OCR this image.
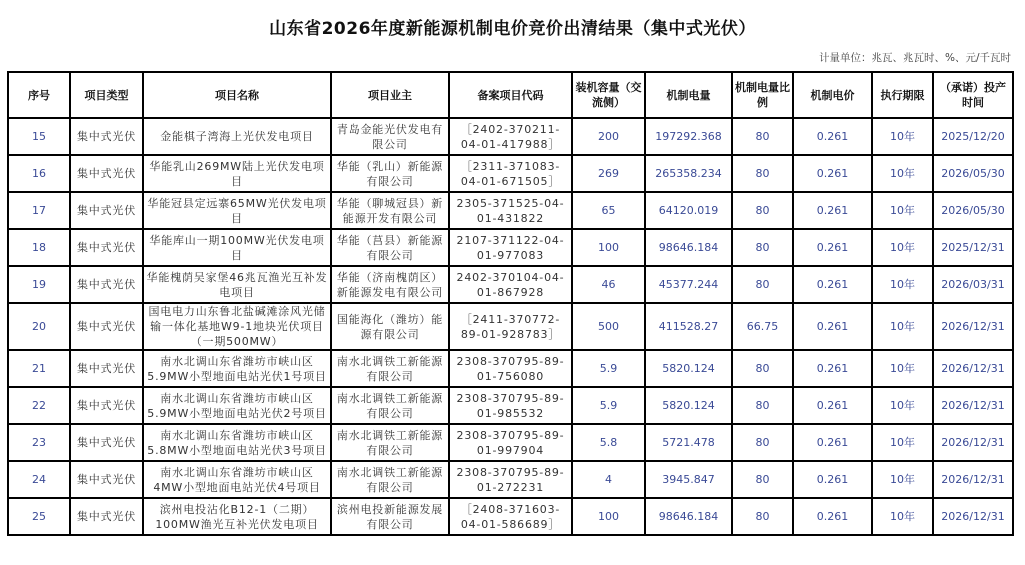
山东省2026年度新能源机制电价竞价出清结果（集中式光伏）
计量单位：兆瓦、兆瓦时、%、元/千瓦时
序号	项目类型	项目名称	项目业主	备案项目代码	装机容量（交流侧）	机制电量	机制电量比例	机制电价	执行期限	（承诺）投产时间
15	集中式光伏	金能棋子湾海上光伏发电项目	青岛金能光伏发电有限公司	［2402-370211-04-01-417988］	200	197292.368	80	0.261	10年	2025/12/20
16	集中式光伏	华能乳山269MW陆上光伏发电项目	华能（乳山）新能源有限公司	［2311-371083-04-01-671505］	269	265358.234	80	0.261	10年	2026/05/30
17	集中式光伏	华能冠县定远寨65MW光伏发电项目	华能（聊城冠县）新能源开发有限公司	2305-371525-04-01-431822	65	64120.019	80	0.261	10年	2026/05/30
18	集中式光伏	华能库山一期100MW光伏发电项目	华能（莒县）新能源有限公司	2107-371122-04-01-977083	100	98646.184	80	0.261	10年	2025/12/31
19	集中式光伏	华能槐荫吴家堡46兆瓦渔光互补发电项目	华能（济南槐荫区）新能源发电有限公司	2402-370104-04-01-867928	46	45377.244	80	0.261	10年	2026/03/31
20	集中式光伏	国电电力山东鲁北盐碱滩涂风光储输一体化基地W9-1地块光伏项目（一期500MW）	国能海化（潍坊）能源有限公司	［2411-370772-89-01-928783］	500	411528.27	66.75	0.261	10年	2026/12/31
21	集中式光伏	南水北调山东省潍坊市峡山区5.9MW小型地面电站光伏1号项目	南水北调铁工新能源有限公司	2308-370795-89-01-756080	5.9	5820.124	80	0.261	10年	2026/12/31
22	集中式光伏	南水北调山东省潍坊市峡山区5.9MW小型地面电站光伏2号项目	南水北调铁工新能源有限公司	2308-370795-89-01-985532	5.9	5820.124	80	0.261	10年	2026/12/31
23	集中式光伏	南水北调山东省潍坊市峡山区5.8MW小型地面电站光伏3号项目	南水北调铁工新能源有限公司	2308-370795-89-01-997904	5.8	5721.478	80	0.261	10年	2026/12/31
24	集中式光伏	南水北调山东省潍坊市峡山区4MW小型地面电站光伏4号项目	南水北调铁工新能源有限公司	2308-370795-89-01-272231	4	3945.847	80	0.261	10年	2026/12/31
25	集中式光伏	滨州电投沾化B12-1（二期）100MW渔光互补光伏发电项目	滨州电投新能源发展有限公司	［2408-371603-04-01-586689］	100	98646.184	80	0.261	10年	2026/12/31
